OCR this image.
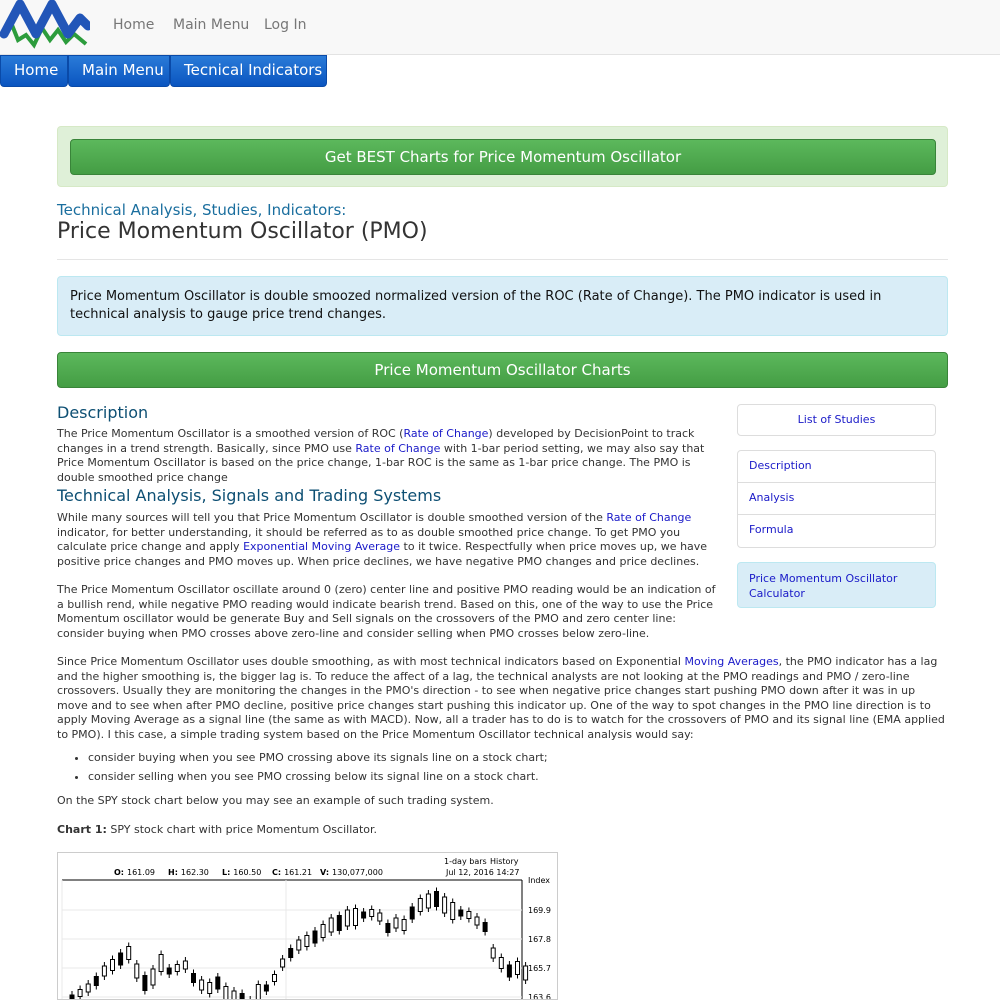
Home Main Menu Log In
Home	Main Menu	Tecnical Indicators
Get BEST Charts for Price Momentum Oscillator
Technical Analysis, Studies, Indicators:
Price Momentum Oscillator (PMO)
Price Momentum Oscillator is double smoozed normalized version of the ROC (Rate of Change). The PMO indicator is used in technical analysis to gauge price trend changes.
Price Momentum Oscillator Charts
Description

The Price Momentum Oscillator is a smoothed version of ROC (Rate of Change) developed by DecisionPoint to track changes in a trend strength. Basically, since PMO use Rate of Change with 1-bar period setting, we may also say that Price Momentum Oscillator is based on the price change, 1-bar ROC is the same as 1-bar price change. The PMO is double smoothed price change

Technical Analysis, Signals and Trading Systems

While many sources will tell you that Price Momentum Oscillator is double smoothed version of the Rate of Change indicator, for better understanding, it should be referred as to as double smoothed price change. To get PMO you calculate price change and apply Exponential Moving Average to it twice. Respectfully when price moves up, we have positive price changes and PMO moves up. When price declines, we have negative PMO changes and price declines.

The Price Momentum Oscillator oscillate around 0 (zero) center line and positive PMO reading would be an indication of a bullish rend, while negative PMO reading would indicate bearish trend. Based on this, one of the way to use the Price Momentum oscillator would be generate Buy and Sell signals on the crossovers of the PMO and zero center line: consider buying when PMO crosses above zero-line and consider selling when PMO crosses below zero-line.

Since Price Momentum Oscillator uses double smoothing, as with most technical indicators based on Exponential Moving Averages, the PMO indicator has a lag and the higher smoothing is, the bigger lag is. To reduce the affect of a lag, the technical analysts are not looking at the PMO readings and PMO / zero-line crossovers. Usually they are monitoring the changes in the PMO's direction - to see when negative price changes start pushing PMO down after it was in up move and to see when after PMO decline, positive price changes start pushing this indicator up. One of the way to spot changes in the PMO line direction is to apply Moving Average as a signal line (the same as with MACD). Now, all a trader has to do is to watch for the crossovers of PMO and its signal line (EMA applied to PMO). I this case, a simple trading system based on the Price Momentum Oscillator technical analysis would say:

• consider buying when you see PMO crossing above its signals line on a stock chart;
• consider selling when you see PMO crossing below its signal line on a stock chart.

On the SPY stock chart below you may see an example of such trading system.

Chart 1: SPY stock chart with price Momentum Oscillator.

List of Studies
Description
Analysis
Formula
Price Momentum Oscillator Calculator
O: 161.09 H: 162.30 L: 160.50 C: 161.21 V: 130,077,000
1-day bars History
Jul 12, 2016 14:27
Index
169.9
167.8
165.7
163.6
